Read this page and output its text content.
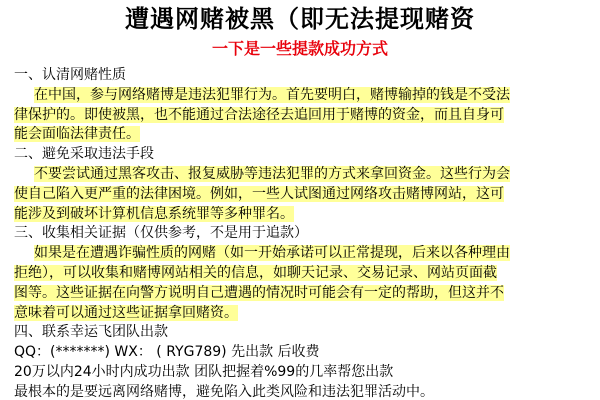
遭遇网赌被黑（即无法提现赌资
一下是一些提款成功方式
一、认清网赌性质
在中国，参与网络赌博是违法犯罪行为。首先要明白，赌博输掉的钱是不受法
律保护的。即使被黑，也不能通过合法途径去追回用于赌博的资金，而且自身可
能会面临法律责任。
二、避免采取违法手段
不要尝试通过黑客攻击、报复威胁等违法犯罪的方式来拿回资金。这些行为会
使自己陷入更严重的法律困境。例如，一些人试图通过网络攻击赌博网站，这可
能涉及到破坏计算机信息系统罪等多种罪名。
三、收集相关证据（仅供参考，不是用于追款）
如果是在遭遇诈骗性质的网赌（如一开始承诺可以正常提现，后来以各种理由
拒绝），可以收集和赌博网站相关的信息，如聊天记录、交易记录、网站页面截
图等。这些证据在向警方说明自己遭遇的情况时可能会有一定的帮助，但这并不
意味着可以通过这些证据拿回赌资。
四、联系幸运飞团队出款
QQ：(*******) WX： ( RYG789) 先出款 后收费
20万以内24小时内成功出款 团队把握着%99的几率帮您出款
最根本的是要远离网络赌博，避免陷入此类风险和违法犯罪活动中。
